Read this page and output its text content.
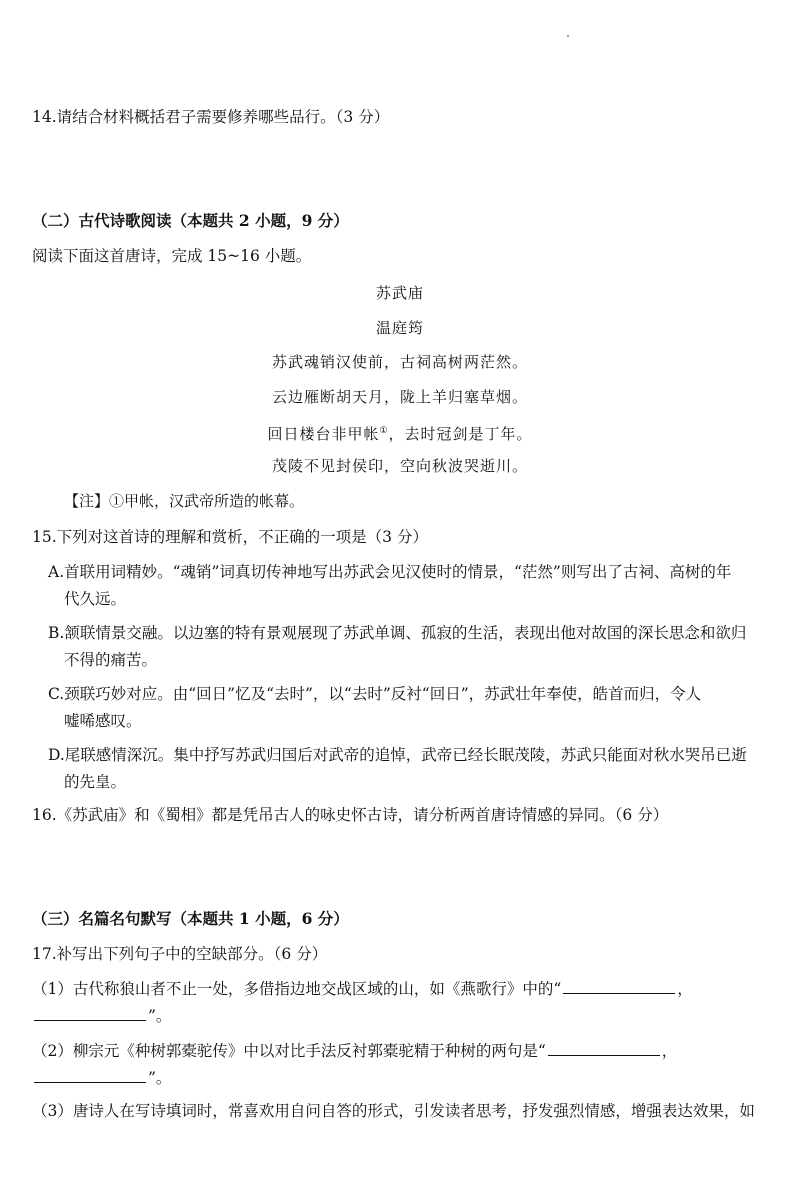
14.请结合材料概括君子需要修养哪些品行。（3 分）
（二）古代诗歌阅读（本题共 2 小题，9 分）
阅读下面这首唐诗，完成 15~16 小题。
苏武庙
温庭筠
苏武魂销汉使前，古祠高树两茫然。
云边雁断胡天月，陇上羊归塞草烟。
回日楼台非甲帐①，去时冠剑是丁年。
茂陵不见封侯印，空向秋波哭逝川。
【注】①甲帐，汉武帝所造的帐幕。
15.下列对这首诗的理解和赏析，不正确的一项是（3 分）
A.首联用词精妙。“魂销”词真切传神地写出苏武会见汉使时的情景，“茫然”则写出了古祠、高树的年
代久远。
B.颔联情景交融。以边塞的特有景观展现了苏武单调、孤寂的生活，表现出他对故国的深长思念和欲归
不得的痛苦。
C.颈联巧妙对应。由“回日”忆及“去时”，以“去时”反衬“回日”，苏武壮年奉使，皓首而归，令人
嘘唏感叹。
D.尾联感情深沉。集中抒写苏武归国后对武帝的追悼，武帝已经长眠茂陵，苏武只能面对秋水哭吊已逝
的先皇。
16.《苏武庙》和《蜀相》都是凭吊古人的咏史怀古诗，请分析两首唐诗情感的异同。（6 分）
（三）名篇名句默写（本题共 1 小题，6 分）
17.补写出下列句子中的空缺部分。（6 分）
（1）古代称狼山者不止一处，多借指边地交战区域的山，如《燕歌行》中的“	，
”。
（2）柳宗元《种树郭橐驼传》中以对比手法反衬郭橐驼精于种树的两句是“	，
”。
（3）唐诗人在写诗填词时，常喜欢用自问自答的形式，引发读者思考，抒发强烈情感，增强表达效果，如
